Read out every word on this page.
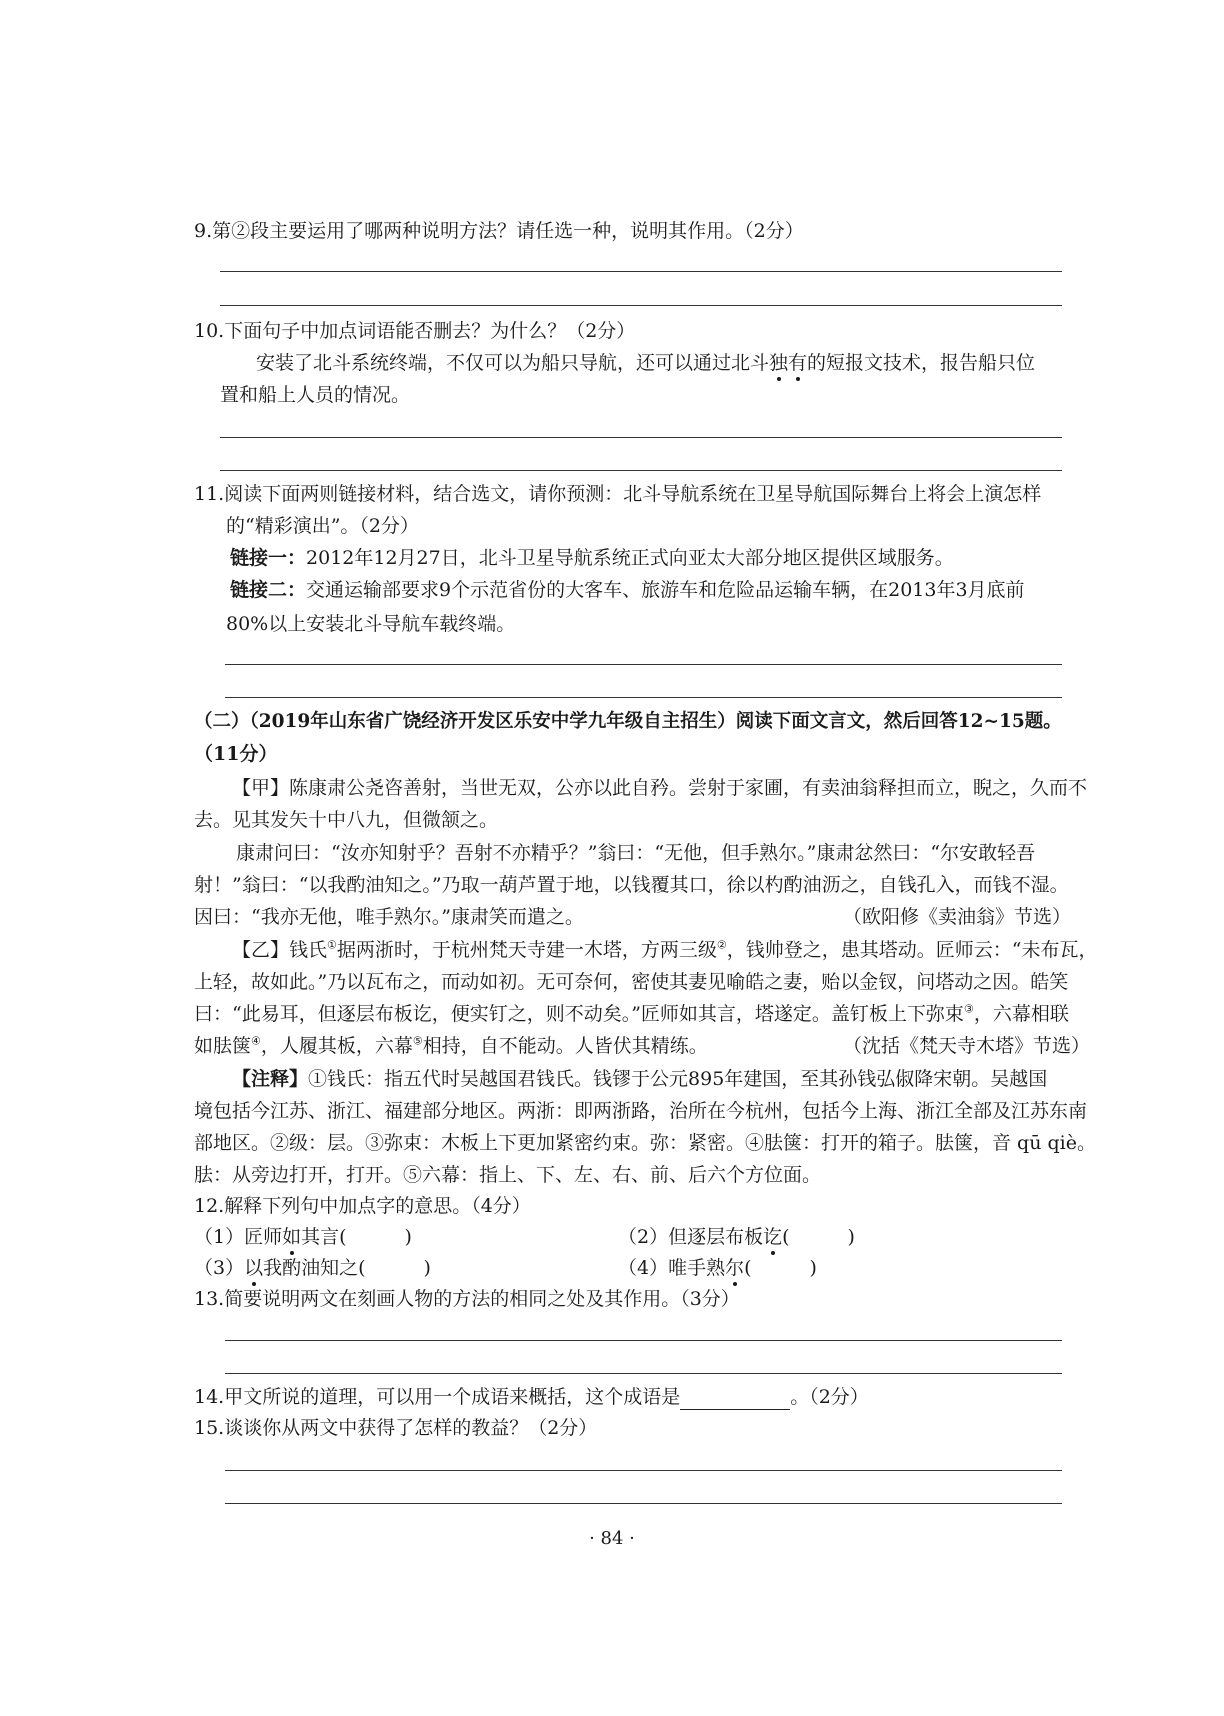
9.第②段主要运用了哪两种说明方法？请任选一种，说明其作用。（2分）
10.下面句子中加点词语能否删去？为什么？（2分）
安装了北斗系统终端，不仅可以为船只导航，还可以通过北斗独有的短报文技术，报告船只位
置和船上人员的情况。
11.阅读下面两则链接材料，结合选文，请你预测：北斗导航系统在卫星导航国际舞台上将会上演怎样
的“精彩演出”。（2分）
链接一：2012年12月27日，北斗卫星导航系统正式向亚太大部分地区提供区域服务。
链接二：交通运输部要求9个示范省份的大客车、旅游车和危险品运输车辆，在2013年3月底前
80%以上安装北斗导航车载终端。
（二）（2019年山东省广饶经济开发区乐安中学九年级自主招生）阅读下面文言文，然后回答12~15题。
（11分）
【甲】陈康肃公尧咨善射，当世无双，公亦以此自矜。尝射于家圃，有卖油翁释担而立，睨之，久而不
去。见其发矢十中八九，但微颔之。
康肃问曰：“汝亦知射乎？吾射不亦精乎？”翁曰：“无他，但手熟尔。”康肃忿然曰：“尔安敢轻吾
射！”翁曰：“以我酌油知之。”乃取一葫芦置于地，以钱覆其口，徐以杓酌油沥之，自钱孔入，而钱不湿。
因曰：“我亦无他，唯手熟尔。”康肃笑而遣之。	（欧阳修《卖油翁》节选）
【乙】钱氏①据两浙时，于杭州梵天寺建一木塔，方两三级②，钱帅登之，患其塔动。匠师云：“未布瓦，
上轻，故如此。”乃以瓦布之，而动如初。无可奈何，密使其妻见喻皓之妻，贻以金钗，问塔动之因。皓笑
曰：“此易耳，但逐层布板讫，便实钉之，则不动矣。”匠师如其言，塔遂定。盖钉板上下弥束③，六幕相联
如胠箧④，人履其板，六幕⑤相持，自不能动。人皆伏其精练。	（沈括《梵天寺木塔》节选）
【注释】①钱氏：指五代时吴越国君钱氏。钱镠于公元895年建国，至其孙钱弘俶降宋朝。吴越国
境包括今江苏、浙江、福建部分地区。两浙：即两浙路，治所在今杭州，包括今上海、浙江全部及江苏东南
部地区。②级：层。③弥束：木板上下更加紧密约束。弥：紧密。④胠箧：打开的箱子。胠箧，音 qū qiè。
胠：从旁边打开，打开。⑤六幕：指上、下、左、右、前、后六个方位面。
12.解释下列句中加点字的意思。（4分）
（1）匠师如其言(	)	（2）但逐层布板讫(	)
（3）以我酌油知之(	)	（4）唯手熟尔(	)
13.简要说明两文在刻画人物的方法的相同之处及其作用。（3分）
14.甲文所说的道理，可以用一个成语来概括，这个成语是	。（2分）
15.谈谈你从两文中获得了怎样的教益？（2分）
· 84 ·
